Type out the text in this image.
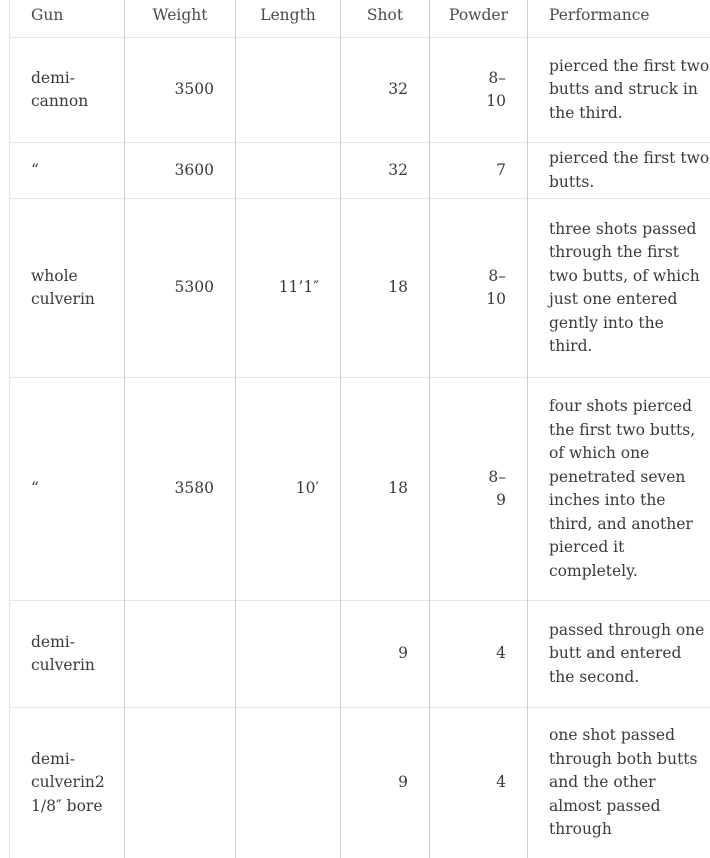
Gun	Weight	Length	Shot	Powder	Performance
demi-cannon	3500		32	8–10	pierced the first two butts and struck in the third.
“	3600		32	7	pierced the first two butts.
whole culverin	5300	11’1″	18	8–10	three shots passed through the first two butts, of which just one entered gently into the third.
“	3580	10′	18	8–9	four shots pierced the first two butts, of which one penetrated seven inches into the third, and another pierced it completely.
demi-culverin			9	4	passed through one butt and entered the second.
demi-culverin2 1/8″ bore			9	4	one shot passed through both butts and the other almost passed through
